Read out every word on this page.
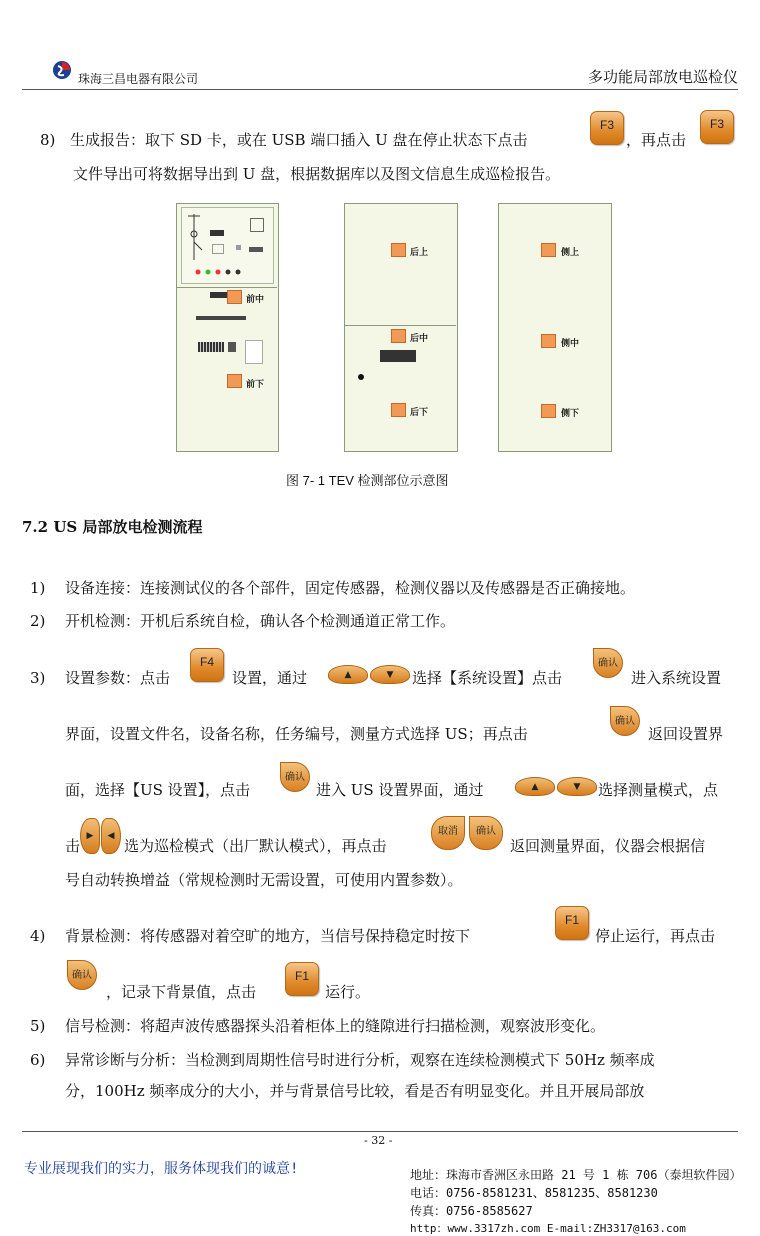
珠海三昌电器有限公司	多功能局部放电巡检仪
8) 生成报告：取下 SD 卡，或在 USB 端口插入 U 盘在停止状态下点击
F3
，再点击
F3
文件导出可将数据导出到 U 盘，根据数据库以及图文信息生成巡检报告。
前中
前下
后上
后中
后下
侧上
侧中
侧下
图 7- 1 TEV 检测部位示意图
7.2 US 局部放电检测流程
1) 设备连接：连接测试仪的各个部件，固定传感器，检测仪器以及传感器是否正确接地。
2) 开机检测：开机后系统自检，确认各个检测通道正常工作。
3) 设置参数：点击
F4
设置，通过	▲	▼	选择【系统设置】点击
确认
进入系统设置
界面，设置文件名，设备名称，任务编号，测量方式选择 US；再点击
确认
返回设置界
面，选择【US 设置】，点击
确认
进入 US 设置界面，通过	▲	▼	选择测量模式，点
击
▶	◀
选为巡检模式（出厂默认模式），再点击
取消	确认
返回测量界面，仪器会根据信
号自动转换增益（常规检测时无需设置，可使用内置参数）。
4) 背景检测：将传感器对着空旷的地方，当信号保持稳定时按下
F1
停止运行，再点击
确认
，记录下背景值，点击
F1
运行。
5) 信号检测：将超声波传感器探头沿着柜体上的缝隙进行扫描检测，观察波形变化。
6) 异常诊断与分析：当检测到周期性信号时进行分析，观察在连续检测模式下 50Hz 频率成
分，100Hz 频率成分的大小，并与背景信号比较，看是否有明显变化。并且开展局部放
- 32 -
专业展现我们的实力，服务体现我们的诚意!	地址：珠海市香洲区永田路 21 号 1 栋 706（泰坦软件园）
电话：0756-8581231、8581235、8581230
传真：0756-8585627
http：www.3317zh.com E-mail:ZH3317@163.com
